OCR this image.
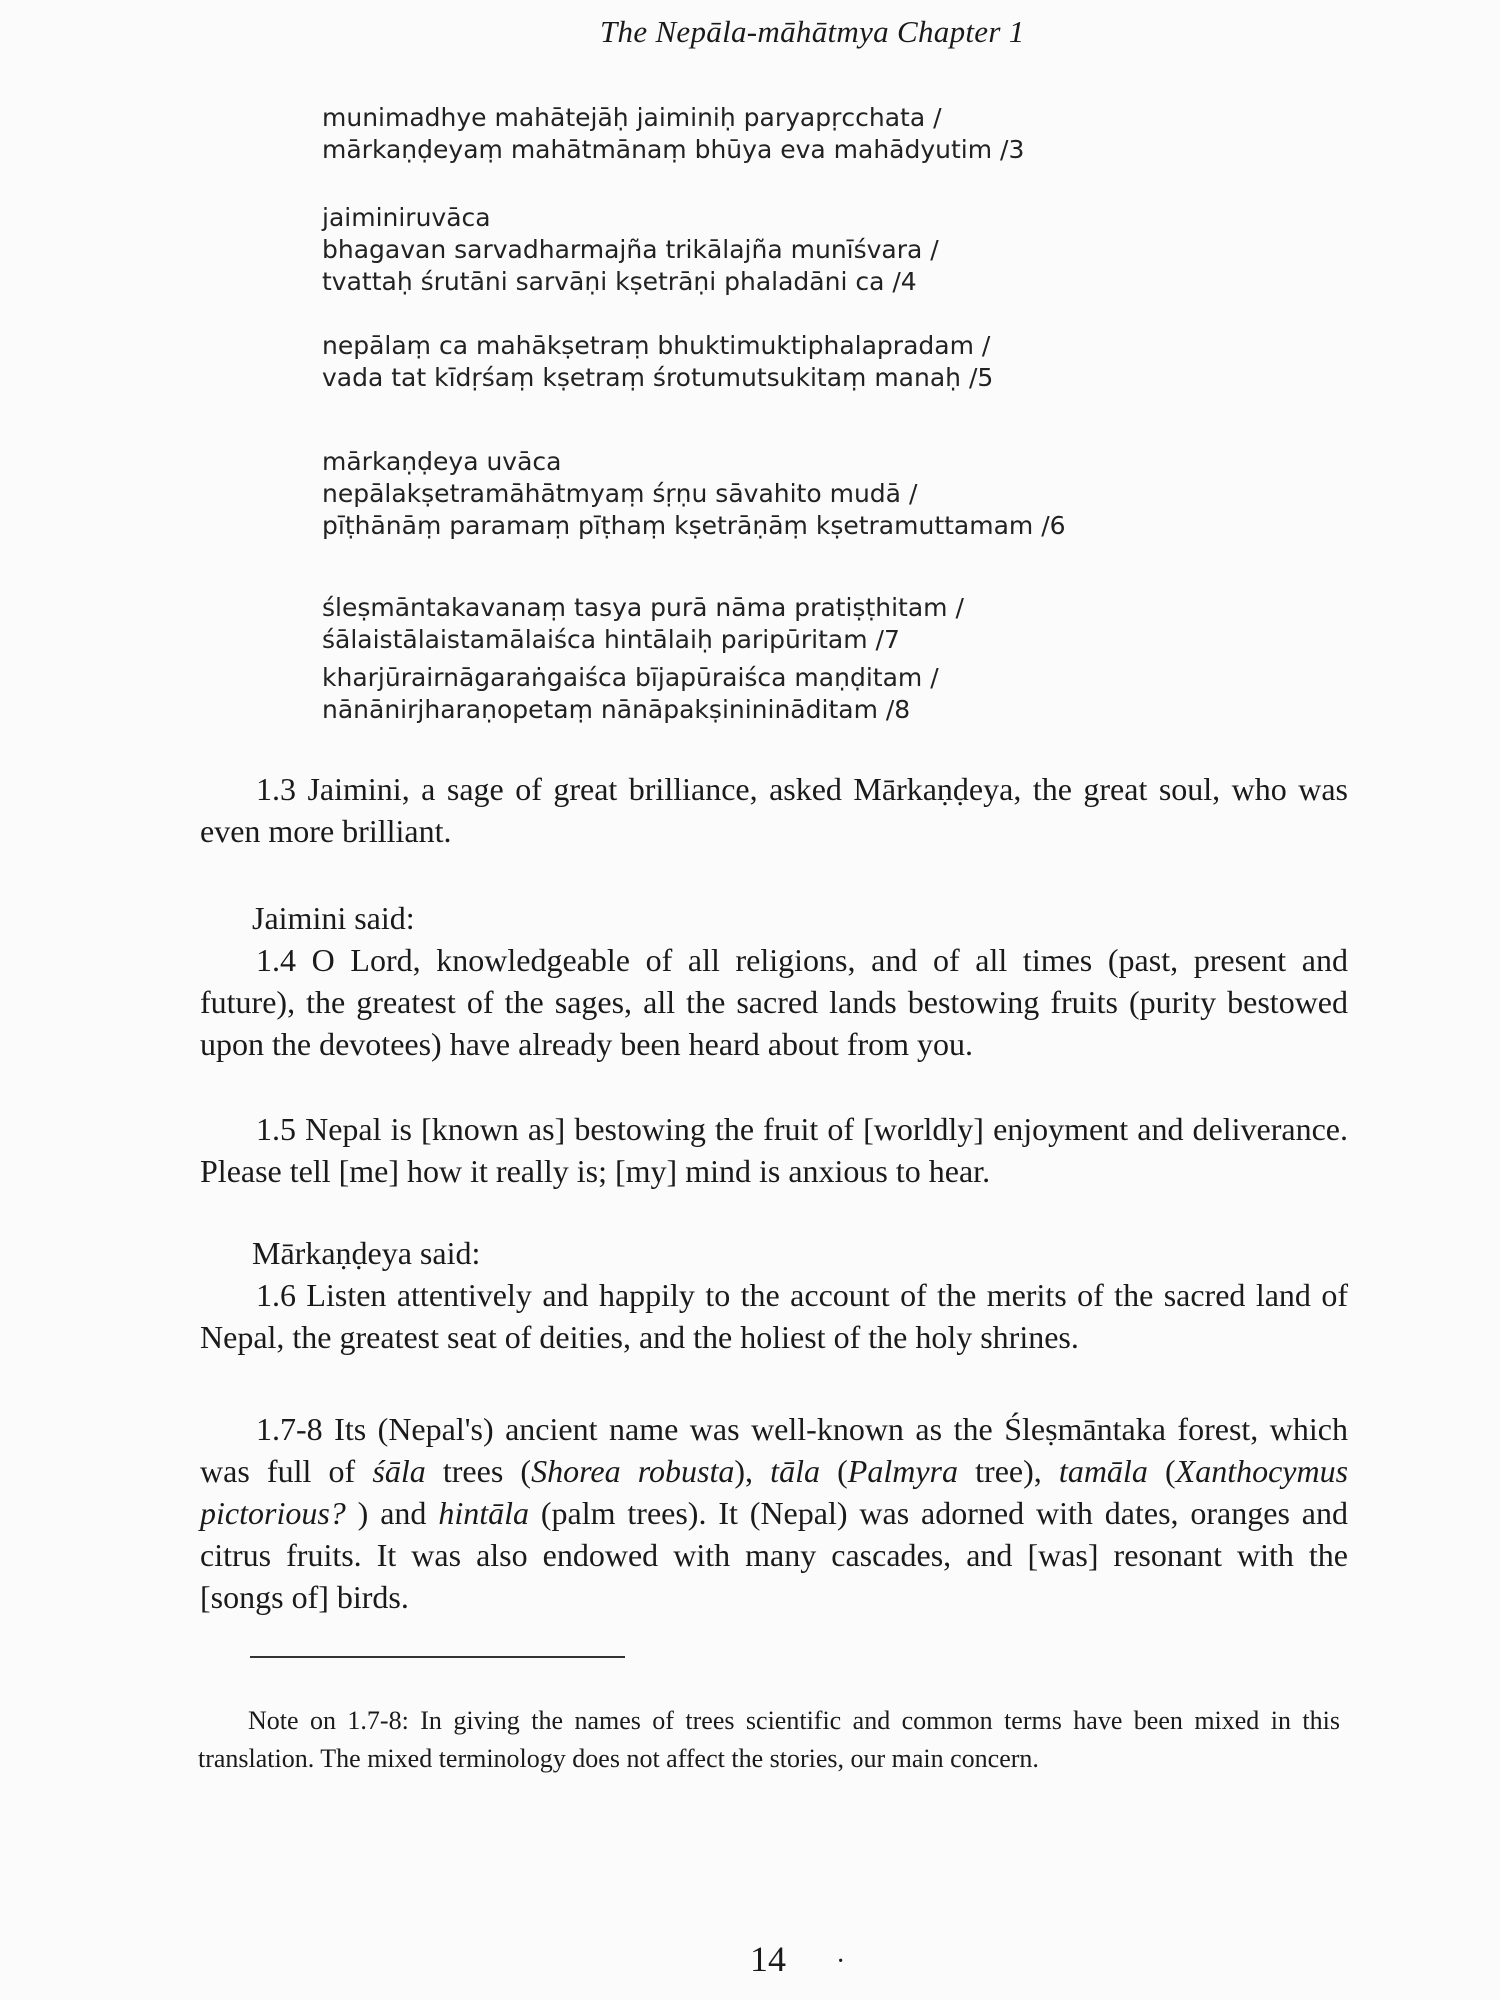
The Nepāla-māhātmya Chapter 1
munimadhye mahātejāḥ jaiminiḥ paryapṛcchata /
mārkaṇḍeyaṃ mahātmānaṃ bhūya eva mahādyutim /3
jaiminiruvāca
bhagavan sarvadharmajña trikālajña munīśvara /
tvattaḥ śrutāni sarvāṇi kṣetrāṇi phaladāni ca /4
nepālaṃ ca mahākṣetraṃ bhuktimuktiphalapradam /
vada tat kīdṛśaṃ kṣetraṃ śrotumutsukitaṃ manaḥ /5
mārkaṇḍeya uvāca
nepālakṣetramāhātmyaṃ śṛṇu sāvahito mudā /
pīṭhānāṃ paramaṃ pīṭhaṃ kṣetrāṇāṃ kṣetramuttamam /6
śleṣmāntakavanaṃ tasya purā nāma pratiṣṭhitam /
śālaistālaistamālaiśca hintālaiḥ paripūritam /7
kharjūrairnāgaraṅgaiśca bījapūraiśca maṇḍitam /
nānānirjharaṇopetaṃ nānāpakṣininināditam /8
1.3 Jaimini, a sage of great brilliance, asked Mārkaṇḍeya, the great soul, who was even more brilliant.
Jaimini said:
1.4 O Lord, knowledgeable of all religions, and of all times (past, present and future), the greatest of the sages, all the sacred lands bestowing fruits (purity bestowed upon the devotees) have already been heard about from you.
1.5 Nepal is [known as] bestowing the fruit of [worldly] enjoyment and deliverance. Please tell [me] how it really is; [my] mind is anxious to hear.
Mārkaṇḍeya said:
1.6 Listen attentively and happily to the account of the merits of the sacred land of Nepal, the greatest seat of deities, and the holiest of the holy shrines.
1.7-8 Its (Nepal's) ancient name was well-known as the Śleṣmāntaka forest, which was full of śāla trees (Shorea robusta), tāla (Palmyra tree), tamāla (Xanthocymus pictorious? ) and hintāla (palm trees). It (Nepal) was adorned with dates, oranges and citrus fruits. It was also endowed with many cascades, and [was] resonant with the [songs of] birds.
Note on 1.7-8: In giving the names of trees scientific and common terms have been mixed in this translation. The mixed terminology does not affect the stories, our main concern.
14 ·
